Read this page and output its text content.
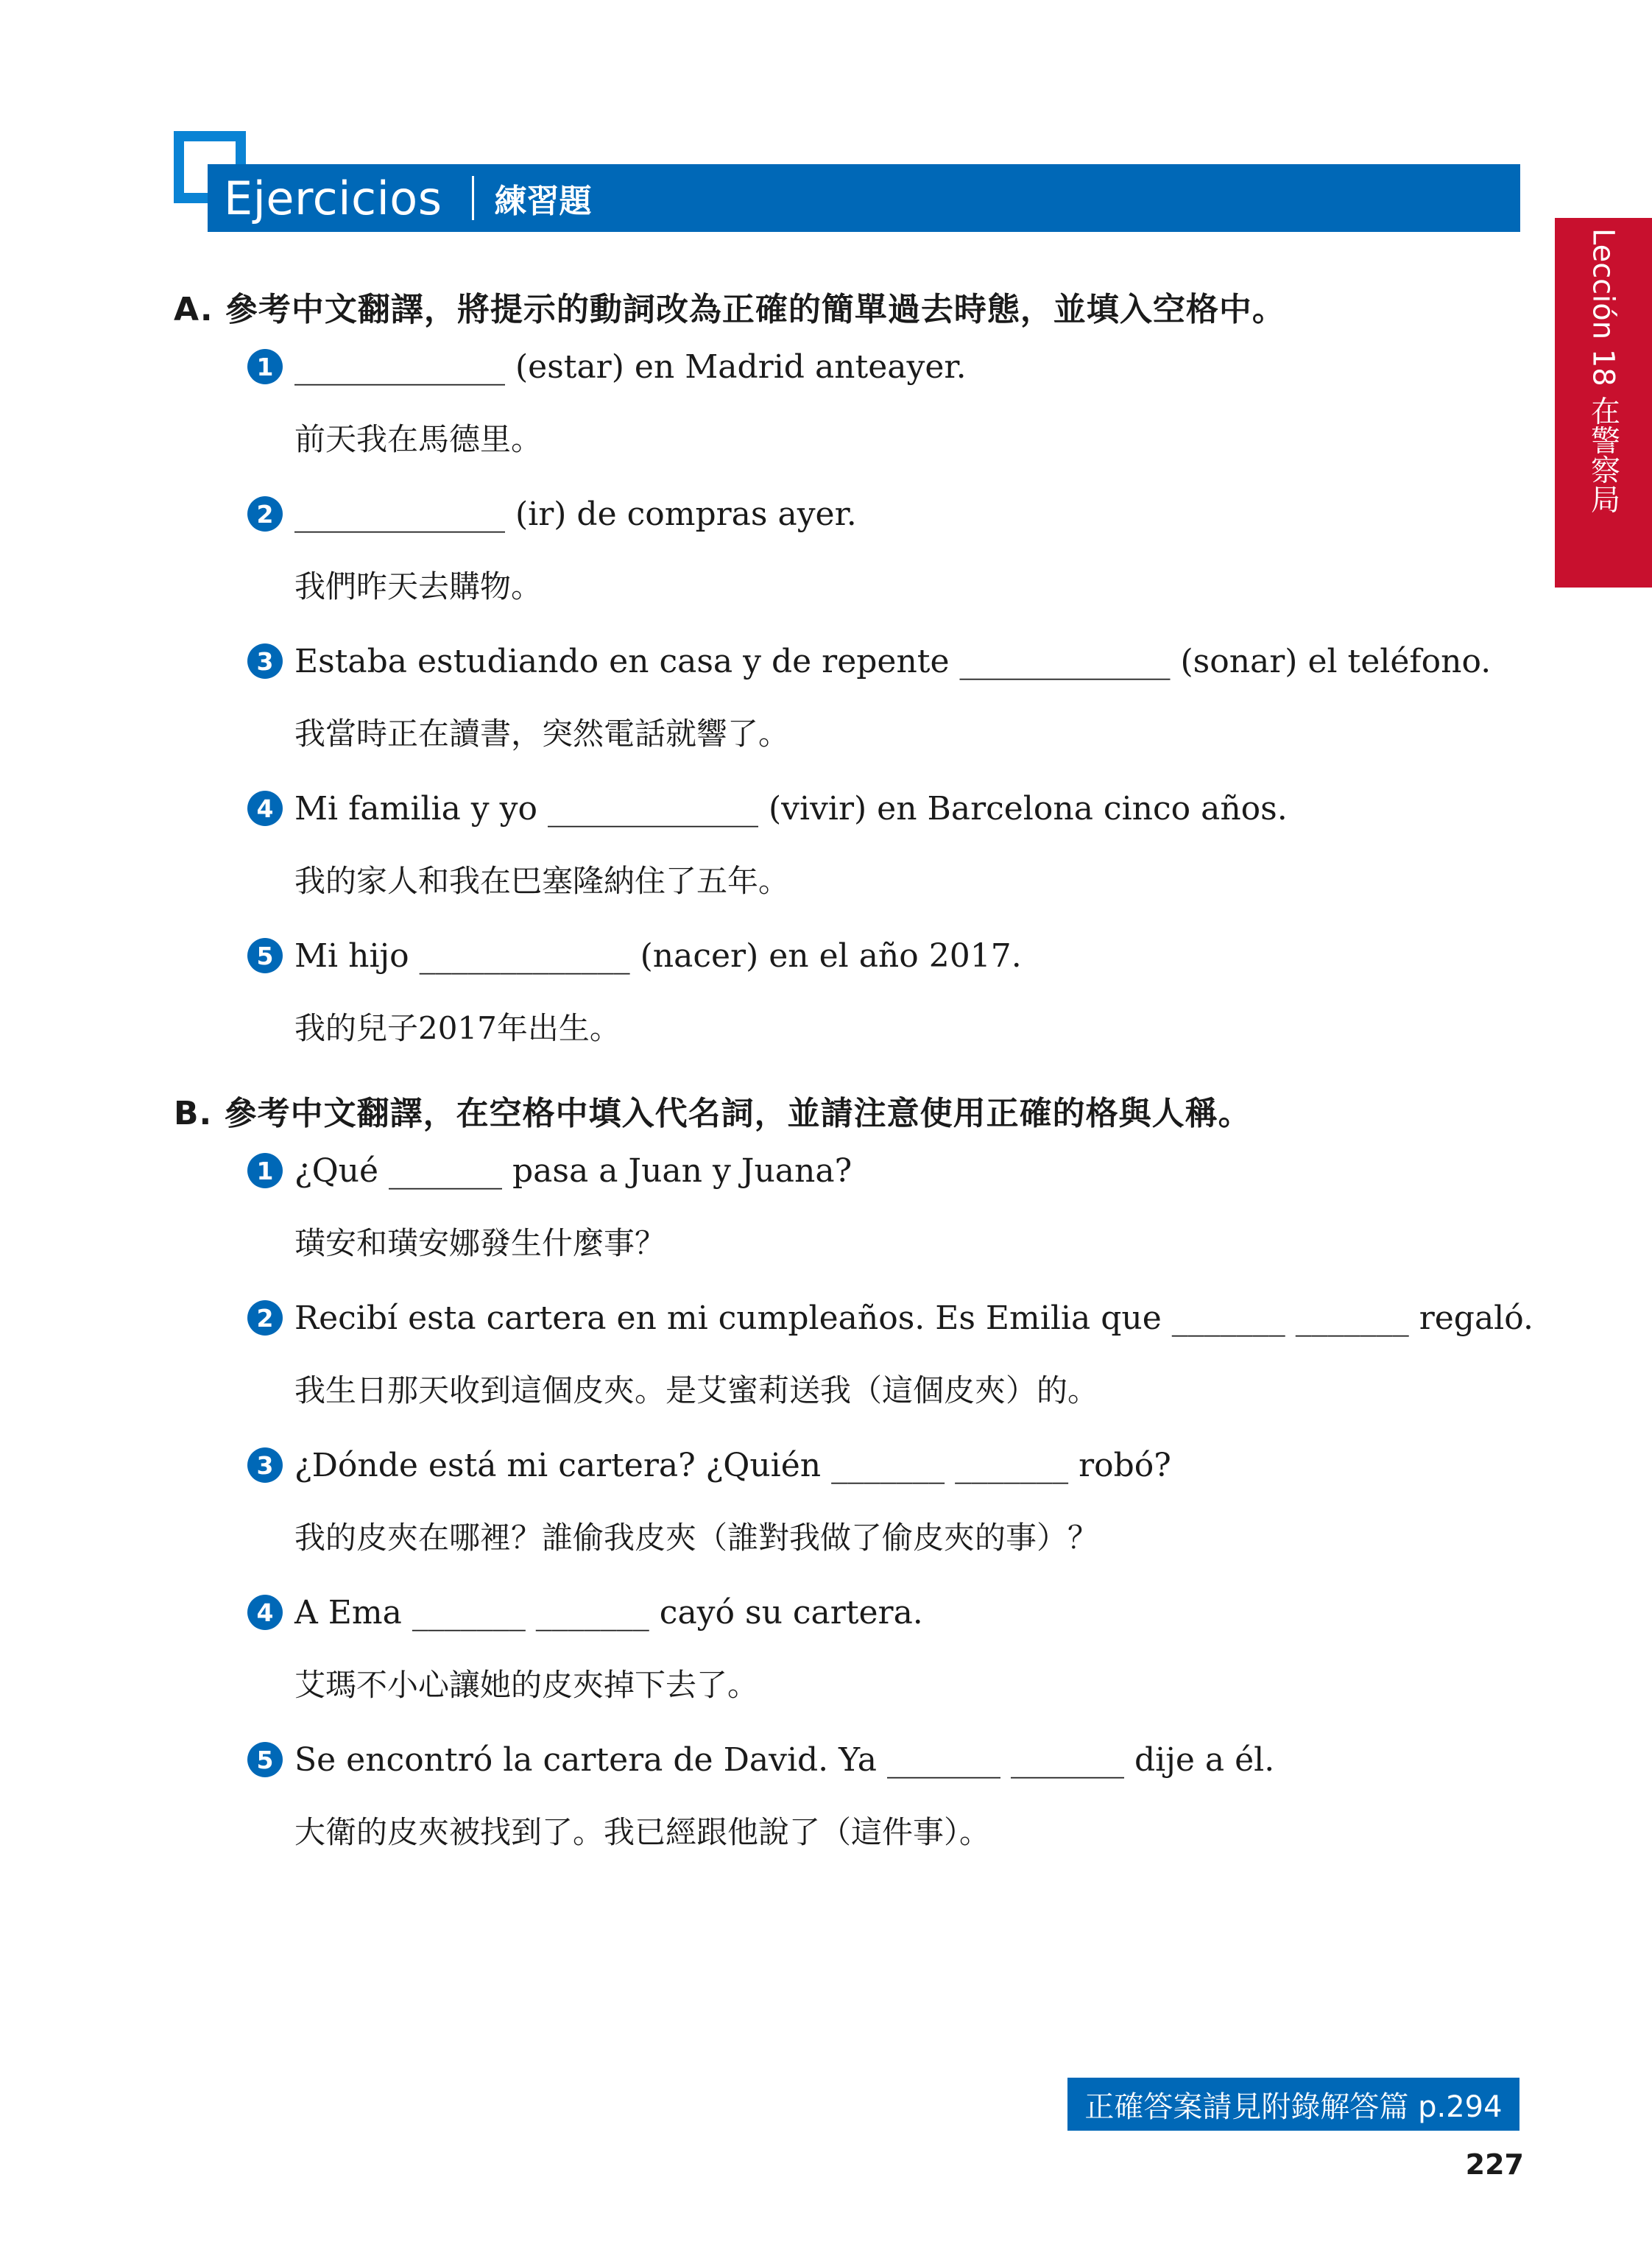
Ejercicios 練習題
Lección 18 在警察局
A. 參考中文翻譯，將提示的動詞改為正確的簡單過去時態，並填入空格中。
1 _____________ (estar) en Madrid anteayer.
前天我在馬德里。
2 _____________ (ir) de compras ayer.
我們昨天去購物。
3 Estaba estudiando en casa y de repente _____________ (sonar) el teléfono.
我當時正在讀書，突然電話就響了。
4 Mi familia y yo _____________ (vivir) en Barcelona cinco años.
我的家人和我在巴塞隆納住了五年。
5 Mi hijo _____________ (nacer) en el año 2017.
我的兒子2017年出生。
B. 參考中文翻譯，在空格中填入代名詞，並請注意使用正確的格與人稱。
1 ¿Qué _______ pasa a Juan y Juana?
璜安和璜安娜發生什麼事？
2 Recibí esta cartera en mi cumpleaños. Es Emilia que _______ _______ regaló.
我生日那天收到這個皮夾。是艾蜜莉送我（這個皮夾）的。
3 ¿Dónde está mi cartera? ¿Quién _______ _______ robó?
我的皮夾在哪裡？誰偷我皮夾（誰對我做了偷皮夾的事）？
4 A Ema _______ _______ cayó su cartera.
艾瑪不小心讓她的皮夾掉下去了。
5 Se encontró la cartera de David. Ya _______ _______ dije a él.
大衛的皮夾被找到了。我已經跟他說了（這件事）。
正確答案請見附錄解答篇 p.294
227
